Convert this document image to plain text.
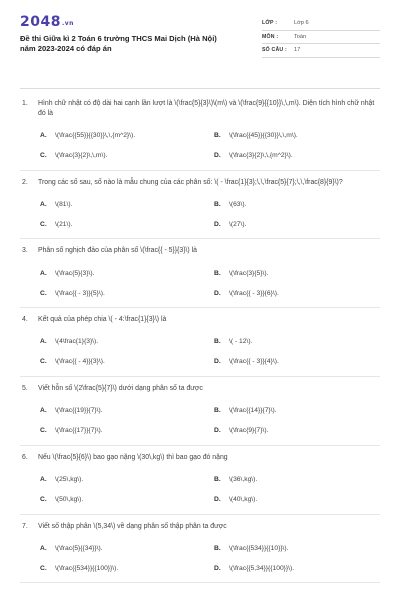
2048.vn
Đề thi Giữa kì 2 Toán 6 trường THCS Mai Dịch (Hà Nội)
năm 2023-2024 có đáp án
LỚP :	Lớp 6
MÔN :	Toán
SỐ CÂU :	17
1.	Hình chữ nhật có độ dài hai cạnh lần lượt là \(\frac{5}{3}\)\(m\) và \(\frac{9}{{10}}\,\,m\). Diện tích hình chữ nhật đó là
A.	\(\frac{{55}}{{30}}\,\,{m^2}\).	B.	\(\frac{{45}}{{30}}\,\,m\).
C.	\(\frac{3}{2}\,\,m\).	D.	\(\frac{3}{2}\,\,{m^2}\).
2.	Trong các số sau, số nào là mẫu chung của các phân số: \( - \frac{1}{3};\,\,\frac{5}{7};\,\,\frac{8}{9}\)?
A.	\(81\).	B.	\(63\).
C.	\(21\).	D.	\(27\).
3.	Phân số nghịch đảo của phân số \(\frac{{ - 5}}{3}\) là
A.	\(\frac{5}{3}\).	B.	\(\frac{3}{5}\).
C.	\(\frac{{ - 3}}{5}\).	D.	\(\frac{{ - 3}}{6}\).
4.	Kết quả của phép chia \( - 4:\frac{1}{3}\) là
A.	\(4\frac{1}{3}\).	B.	\( - 12\).
C.	\(\frac{{ - 4}}{3}\).	D.	\(\frac{{ - 3}}{4}\).
5.	Viết hỗn số \(2\frac{5}{7}\) dưới dạng phân số ta được
A.	\(\frac{{19}}{7}\).	B.	\(\frac{{14}}{7}\).
C.	\(\frac{{17}}{7}\).	D.	\(\frac{9}{7}\).
6.	Nếu \(\frac{5}{6}\) bao gạo nặng \(30\,kg\) thì bao gạo đó nặng
A.	\(25\,kg\).	B.	\(36\,kg\).
C.	\(50\,kg\).	D.	\(40\,kg\).
7.	Viết số thập phân \(5,34\) về dạng phân số thập phân ta được
A.	\(\frac{5}{{34}}\).	B.	\(\frac{{534}}{{10}}\).
C.	\(\frac{{534}}{{100}}\).	D.	\(\frac{{5,34}}{{100}}\).
